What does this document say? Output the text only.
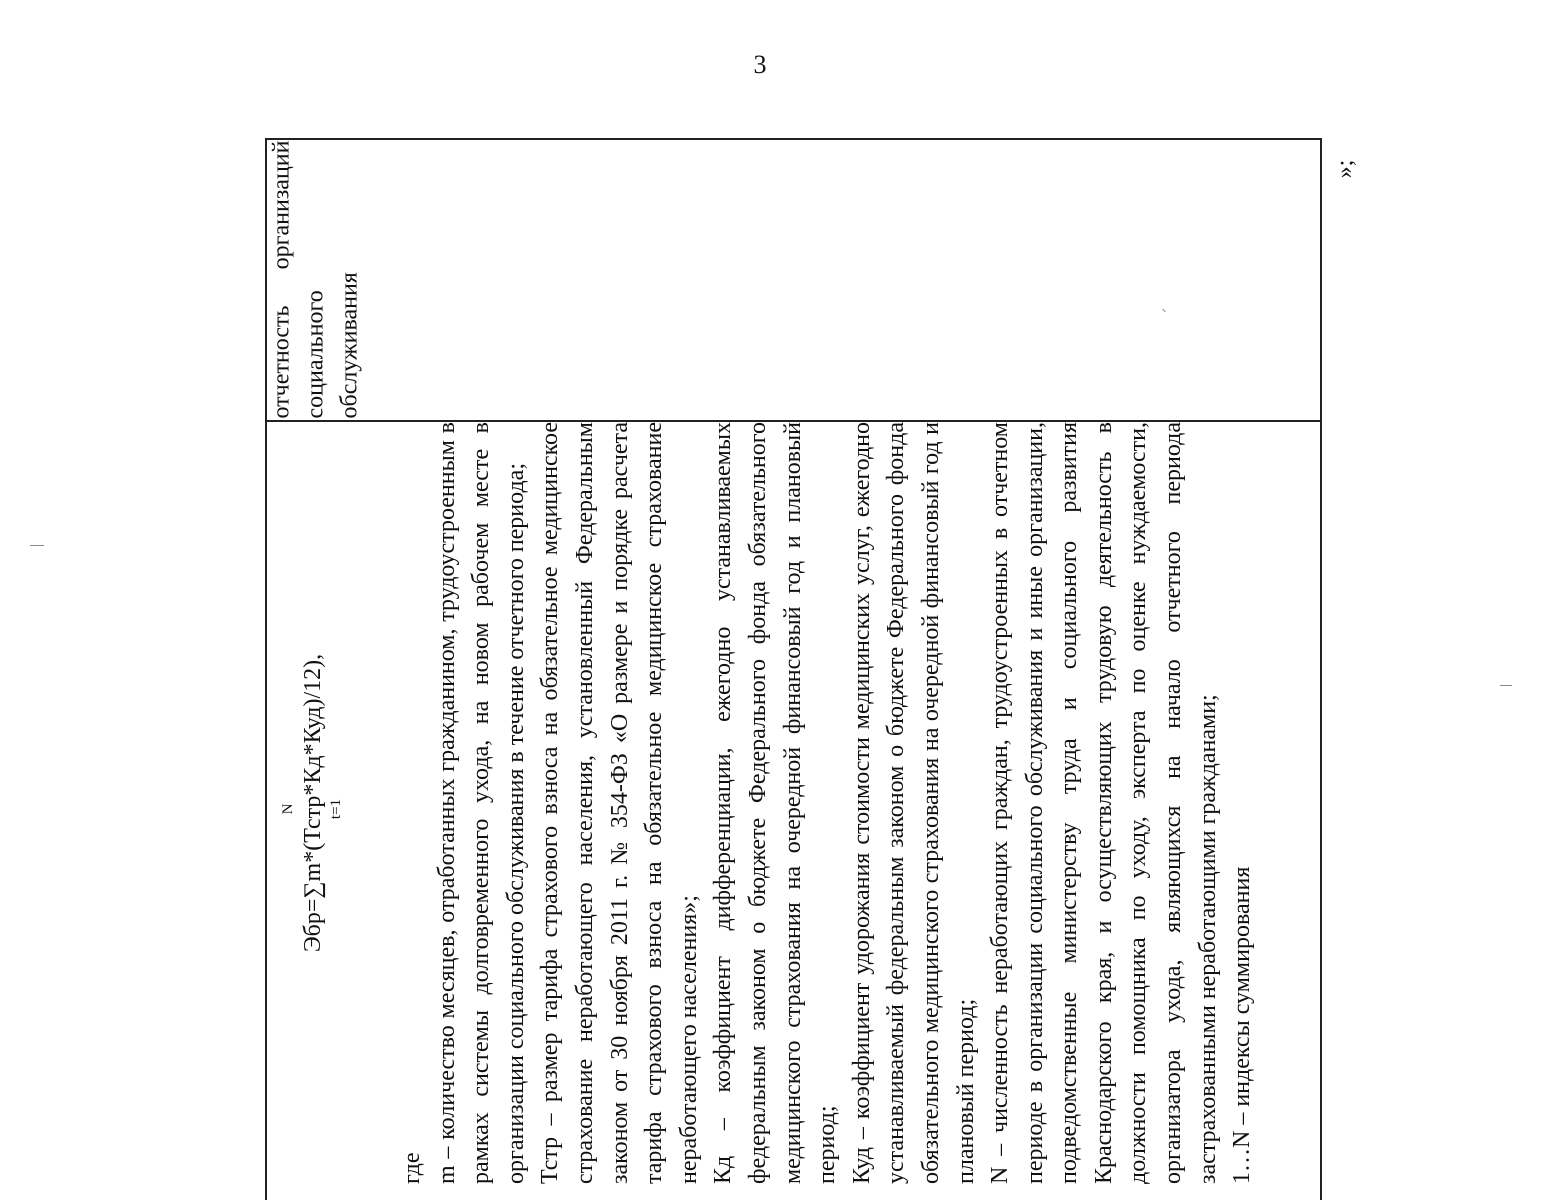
3

отчетность организаций социального обслуживания

N Эбр=∑m*(Тстр*Кд*Куд)/12), t=1

где m – количество месяцев, отработанных гражданином, трудоустроенным в рамках системы долговременного ухода, на новом рабочем месте в организации социального обслуживания в течение отчетного периода; Тстр – размер тарифа страхового взноса на обязательное медицинское страхование неработающего населения, установленный Федеральным законом от 30 ноября 2011 г. № 354-ФЗ «О размере и порядке расчета тарифа страхового взноса на обязательное медицинское страхование неработающего населения»; Кд – коэффициент дифференциации, ежегодно устанавливаемых федеральным законом о бюджете Федерального фонда обязательного медицинского страхования на очередной финансовый год и плановый период; Куд – коэффициент удорожания стоимости медицинских услуг, ежегодно устанавливаемый федеральным законом о бюджете Федерального фонда обязательного медицинского страхования на очередной финансовый год и плановый период; N – численность неработающих граждан, трудоустроенных в отчетном периоде в организации социального обслуживания и иные организации, подведомственные министерству труда и социального развития Краснодарского края, и осуществляющих трудовую деятельность в должности помощника по уходу, эксперта по оценке нуждаемости, организатора ухода, являющихся на начало отчетного периода застрахованными неработающими гражданами; 1…N – индексы суммирования

»;
